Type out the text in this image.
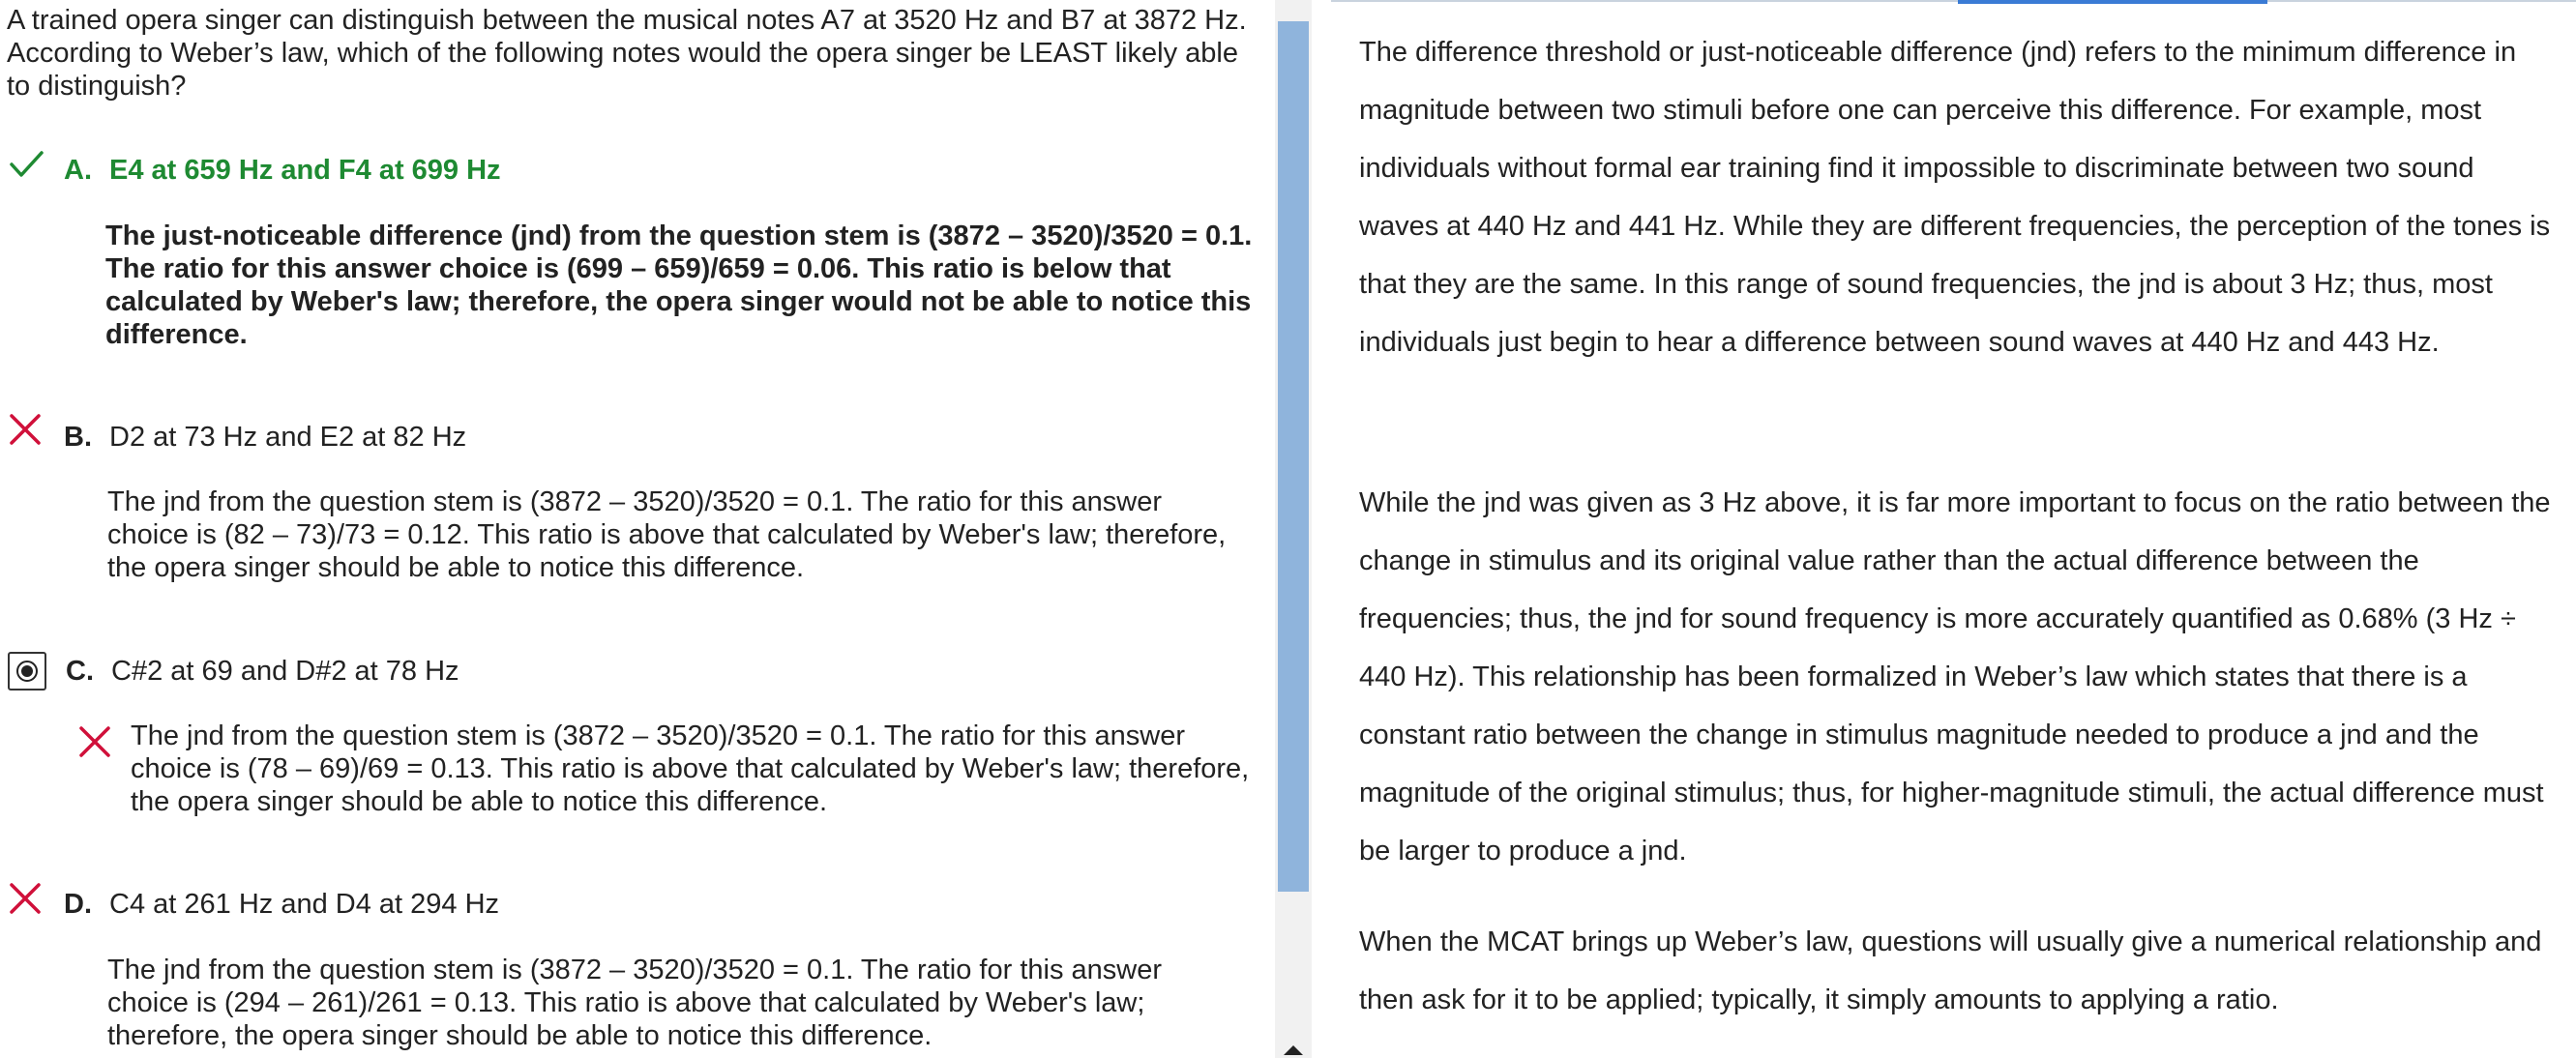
A trained opera singer can distinguish between the musical notes A7 at 3520 Hz and B7 at 3872 Hz. According to Weber’s law, which of the following notes would the opera singer be LEAST likely able to distinguish?

A. E4 at 659 Hz and F4 at 699 Hz
The just-noticeable difference (jnd) from the question stem is (3872 – 3520)/3520 = 0.1. The ratio for this answer choice is (699 – 659)/659 = 0.06. This ratio is below that calculated by Weber's law; therefore, the opera singer would not be able to notice this difference.
B. D2 at 73 Hz and E2 at 82 Hz
The jnd from the question stem is (3872 – 3520)/3520 = 0.1. The ratio for this answer choice is (82 – 73)/73 = 0.12. This ratio is above that calculated by Weber's law; therefore, the opera singer should be able to notice this difference.
C. C#2 at 69 and D#2 at 78 Hz
The jnd from the question stem is (3872 – 3520)/3520 = 0.1. The ratio for this answer choice is (78 – 69)/69 = 0.13. This ratio is above that calculated by Weber's law; therefore, the opera singer should be able to notice this difference.
D. C4 at 261 Hz and D4 at 294 Hz
The jnd from the question stem is (3872 – 3520)/3520 = 0.1. The ratio for this answer choice is (294 – 261)/261 = 0.13. This ratio is above that calculated by Weber's law; therefore, the opera singer should be able to notice this difference.

The difference threshold or just-noticeable difference (jnd) refers to the minimum difference in magnitude between two stimuli before one can perceive this difference. For example, most individuals without formal ear training find it impossible to discriminate between two sound waves at 440 Hz and 441 Hz. While they are different frequencies, the perception of the tones is that they are the same. In this range of sound frequencies, the jnd is about 3 Hz; thus, most individuals just begin to hear a difference between sound waves at 440 Hz and 443 Hz.

While the jnd was given as 3 Hz above, it is far more important to focus on the ratio between the change in stimulus and its original value rather than the actual difference between the frequencies; thus, the jnd for sound frequency is more accurately quantified as 0.68% (3 Hz ÷ 440 Hz). This relationship has been formalized in Weber’s law which states that there is a constant ratio between the change in stimulus magnitude needed to produce a jnd and the magnitude of the original stimulus; thus, for higher-magnitude stimuli, the actual difference must be larger to produce a jnd.

When the MCAT brings up Weber’s law, questions will usually give a numerical relationship and then ask for it to be applied; typically, it simply amounts to applying a ratio.
